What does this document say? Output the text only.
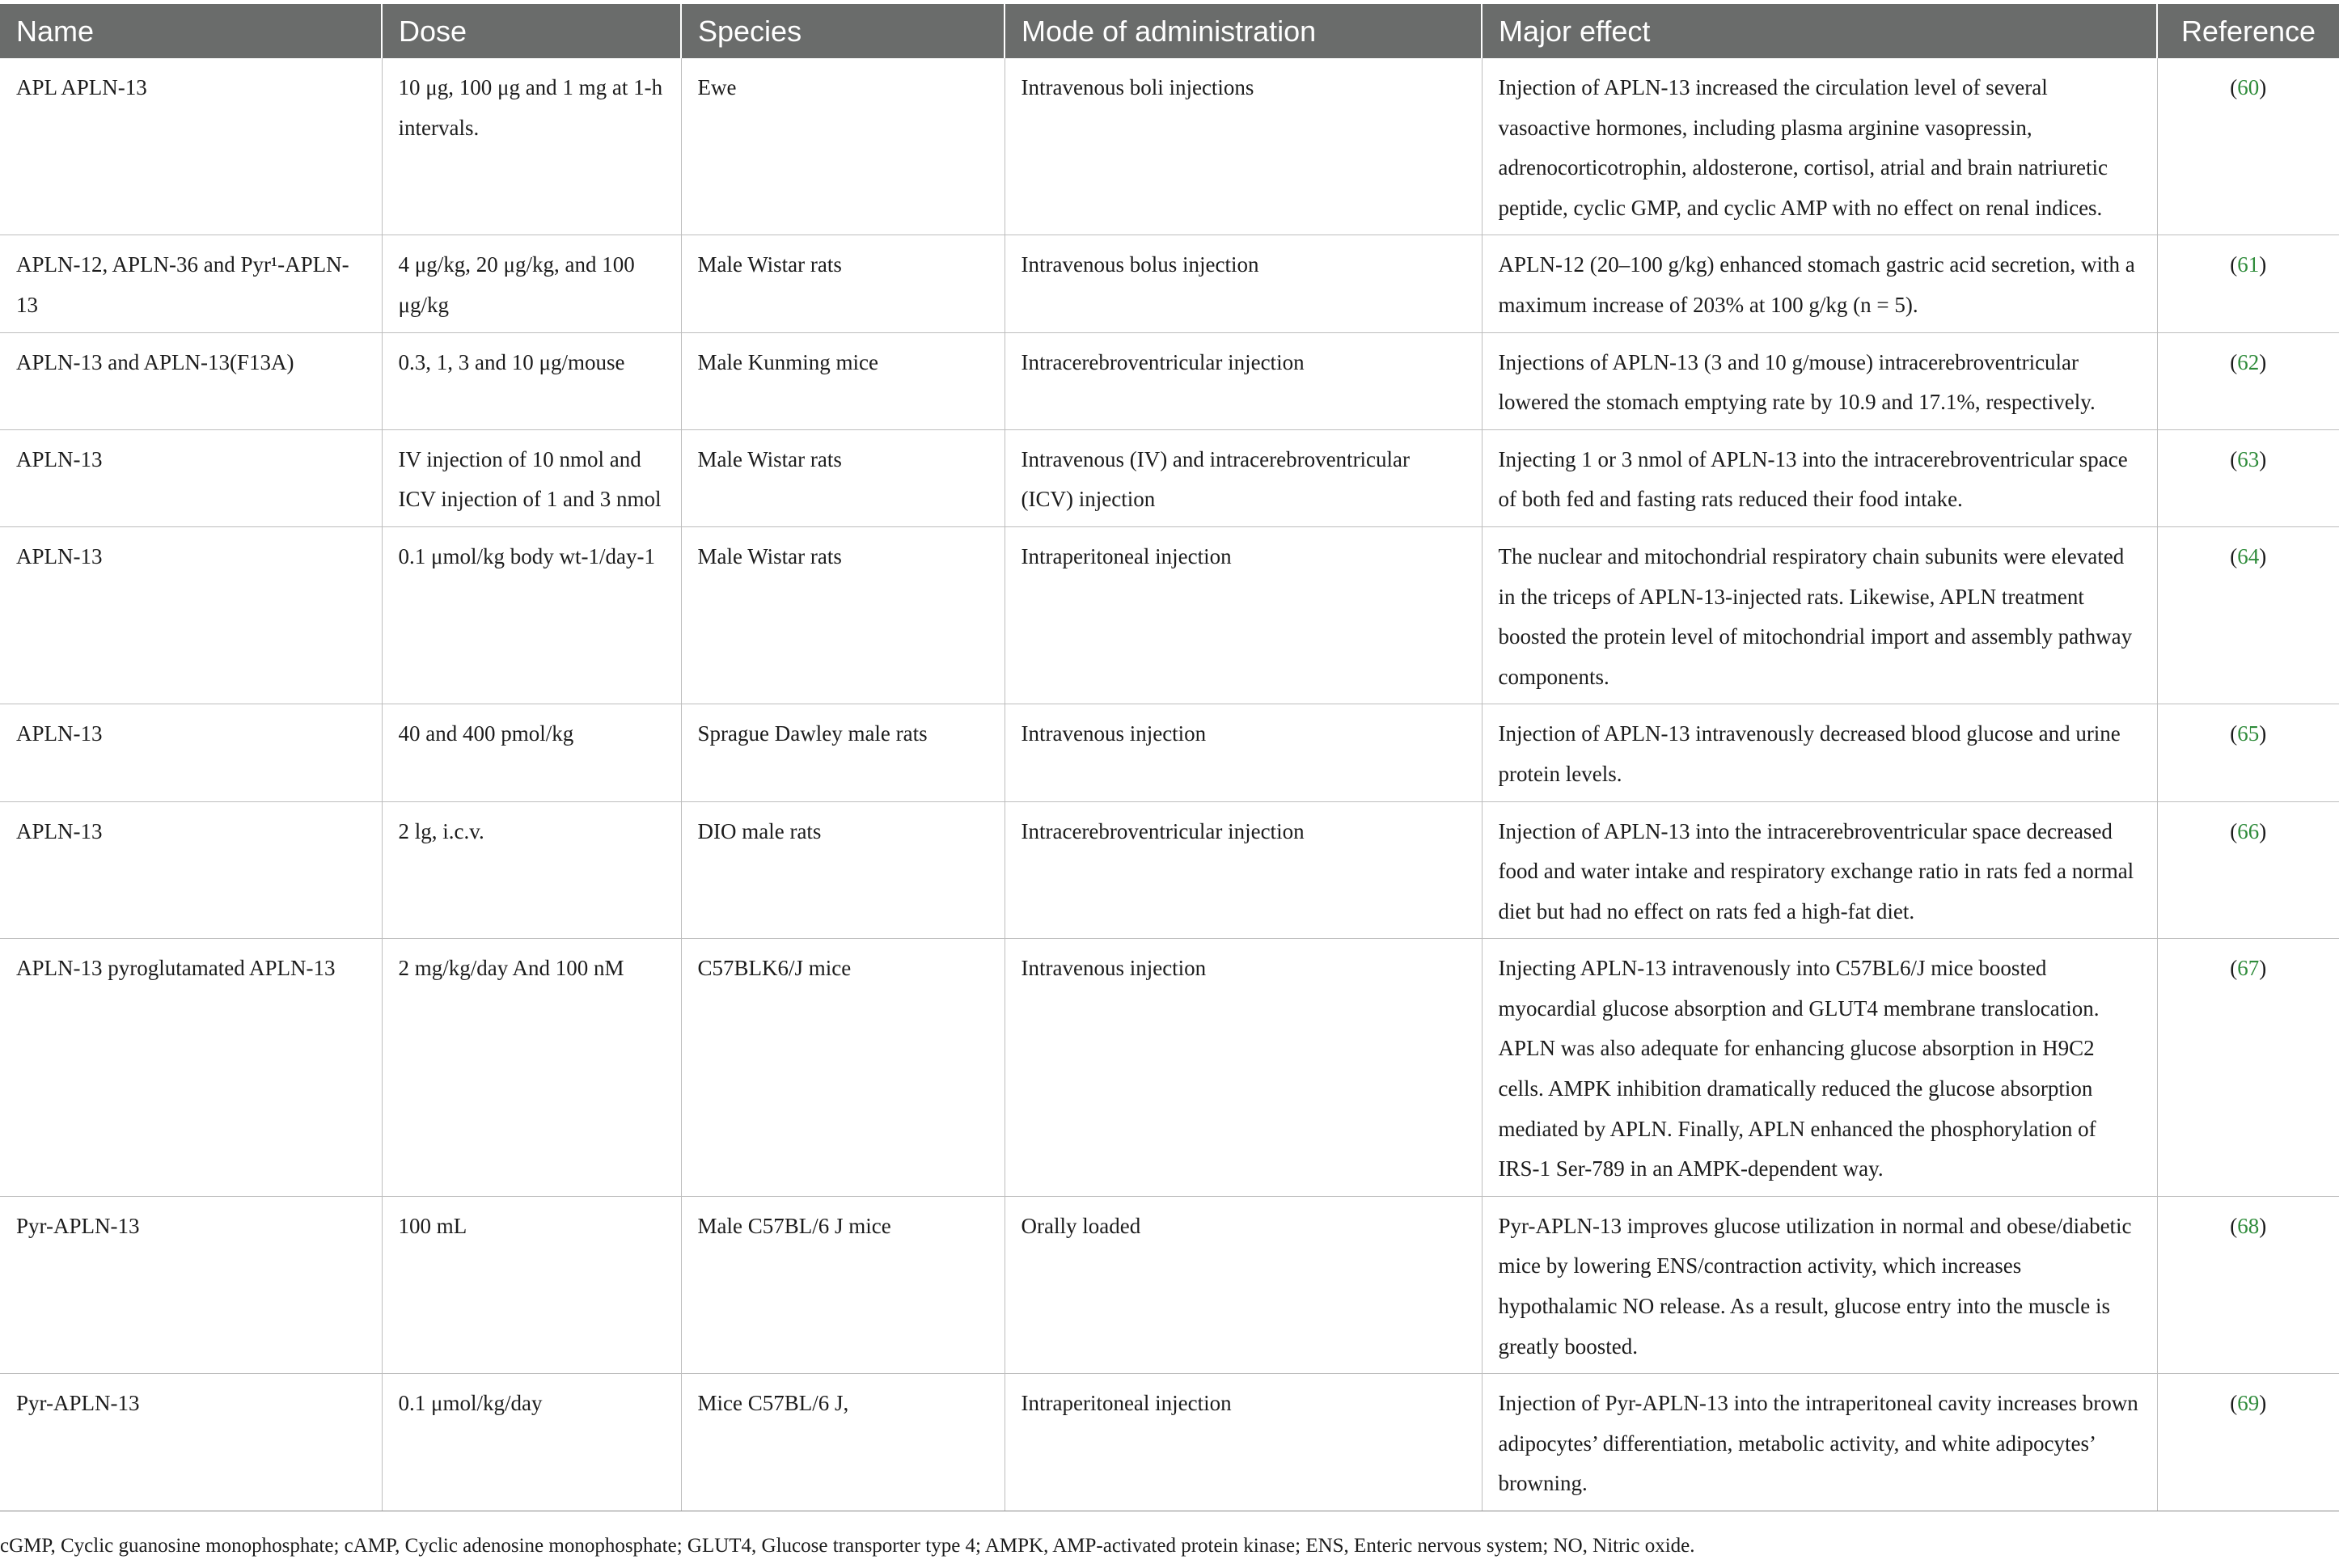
Name	Dose	Species	Mode of administration	Major effect	Reference
APL APLN-13	10 μg, 100 μg and 1 mg at 1-h intervals.	Ewe	Intravenous boli injections	Injection of APLN-13 increased the circulation level of several vasoactive hormones, including plasma arginine vasopressin, adrenocorticotrophin, aldosterone, cortisol, atrial and brain natriuretic peptide, cyclic GMP, and cyclic AMP with no effect on renal indices.	(60)
APLN-12, APLN-36 and Pyr¹-APLN-13	4 μg/kg, 20 μg/kg, and 100 μg/kg	Male Wistar rats	Intravenous bolus injection	APLN-12 (20–100 g/kg) enhanced stomach gastric acid secretion, with a maximum increase of 203% at 100 g/kg (n = 5).	(61)
APLN-13 and APLN-13(F13A)	0.3, 1, 3 and 10 μg/mouse	Male Kunming mice	Intracerebroventricular injection	Injections of APLN-13 (3 and 10 g/mouse) intracerebroventricular lowered the stomach emptying rate by 10.9 and 17.1%, respectively.	(62)
APLN-13	IV injection of 10 nmol and ICV injection of 1 and 3 nmol	Male Wistar rats	Intravenous (IV) and intracerebroventricular (ICV) injection	Injecting 1 or 3 nmol of APLN-13 into the intracerebroventricular space of both fed and fasting rats reduced their food intake.	(63)
APLN-13	0.1 μmol/kg body wt-1/day-1	Male Wistar rats	Intraperitoneal injection	The nuclear and mitochondrial respiratory chain subunits were elevated in the triceps of APLN-13-injected rats. Likewise, APLN treatment boosted the protein level of mitochondrial import and assembly pathway components.	(64)
APLN-13	40 and 400 pmol/kg	Sprague Dawley male rats	Intravenous injection	Injection of APLN-13 intravenously decreased blood glucose and urine protein levels.	(65)
APLN-13	2 lg, i.c.v.	DIO male rats	Intracerebroventricular injection	Injection of APLN-13 into the intracerebroventricular space decreased food and water intake and respiratory exchange ratio in rats fed a normal diet but had no effect on rats fed a high-fat diet.	(66)
APLN-13 pyroglutamated APLN-13	2 mg/kg/day And 100 nM	C57BLK6/J mice	Intravenous injection	Injecting APLN-13 intravenously into C57BL6/J mice boosted myocardial glucose absorption and GLUT4 membrane translocation. APLN was also adequate for enhancing glucose absorption in H9C2 cells. AMPK inhibition dramatically reduced the glucose absorption mediated by APLN. Finally, APLN enhanced the phosphorylation of IRS-1 Ser-789 in an AMPK-dependent way.	(67)
Pyr-APLN-13	100 mL	Male C57BL/6 J mice	Orally loaded	Pyr-APLN-13 improves glucose utilization in normal and obese/diabetic mice by lowering ENS/contraction activity, which increases hypothalamic NO release. As a result, glucose entry into the muscle is greatly boosted.	(68)
Pyr-APLN-13	0.1 μmol/kg/day	Mice C57BL/6 J,	Intraperitoneal injection	Injection of Pyr-APLN-13 into the intraperitoneal cavity increases brown adipocytes’ differentiation, metabolic activity, and white adipocytes’ browning.	(69)
cGMP, Cyclic guanosine monophosphate; cAMP, Cyclic adenosine monophosphate; GLUT4, Glucose transporter type 4; AMPK, AMP-activated protein kinase; ENS, Enteric nervous system; NO, Nitric oxide.
